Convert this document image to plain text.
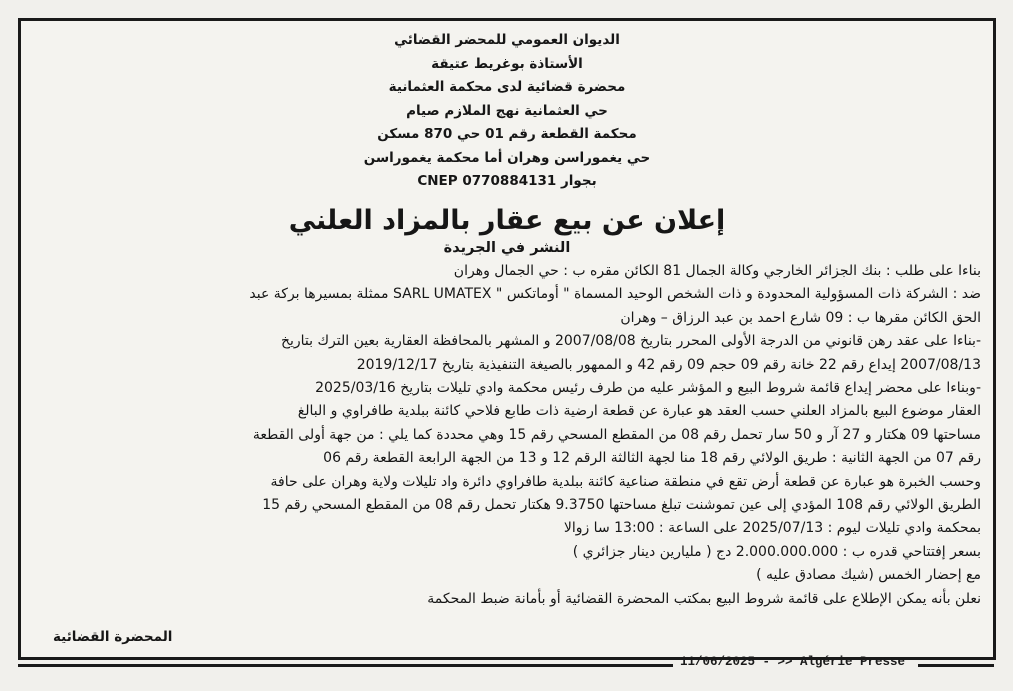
الديوان العمومي للمحضر القضائي
الأستاذة بوغريط عتيقة
محضرة قضائية لدى محكمة العثمانية
حي العثمانية نهج الملازم صيام
محكمة القطعة رقم 01 حي 870 مسكن
حي يغموراسن وهران أما محكمة يغموراسن
بجوار CNEP 0770884131
إعلان عن بيع عقار بالمزاد العلني
النشر في الجريدة
بناءا على طلب : بنك الجزائر الخارجي وكالة الجمال 81 الكائن مقره ب : حي الجمال وهران
ضد : الشركة ذات المسؤولية المحدودة و ذات الشخص الوحيد المسماة " أوماتكس " SARL UMATEX ممثلة بمسيرها بركة عبد
الحق الكائن مقرها ب : 09 شارع احمد بن عبد الرزاق – وهران
-بناءا على عقد رهن قانوني من الدرجة الأولى المحرر بتاريخ 2007/08/08 و المشهر بالمحافظة العقارية بعين الترك بتاريخ
2007/08/13 إيداع رقم 22 خانة رقم 09 حجم 09 رقم 42 و الممهور بالصيغة التنفيذية بتاريخ 2019/12/17
-وبناءا على محضر إيداع قائمة شروط البيع و المؤشر عليه من طرف رئيس محكمة وادي تليلات بتاريخ 2025/03/16
العقار موضوع البيع بالمزاد العلني حسب العقد هو عبارة عن قطعة ارضية ذات طابع فلاحي كائنة ببلدية طافراوي و البالغ
مساحتها 09 هكتار و 27 آر و 50 سار تحمل رقم 08 من المقطع المسحي رقم 15 وهي محددة كما يلي : من جهة أولى القطعة
رقم 07 من الجهة الثانية : طريق الولائي رقم 18 منا لجهة الثالثة الرقم 12 و 13 من الجهة الرابعة القطعة رقم 06
وحسب الخبرة هو عبارة عن قطعة أرض تقع في منطقة صناعية كائنة ببلدية طافراوي دائرة واد تليلات ولاية وهران على حافة
الطريق الولائي رقم 108 المؤدي إلى عين تموشنت تبلغ مساحتها 9.3750 هكتار تحمل رقم 08 من المقطع المسحي رقم 15
بمحكمة وادي تليلات ليوم : 2025/07/13 على الساعة : 13:00 سا زوالا
بسعر إفتتاحي قدره ب : 2.000.000.000 دج ( مليارين دينار جزائري )
مع إحضار الخمس (شيك مصادق عليه )
نعلن بأنه يمكن الإطلاع على قائمة شروط البيع بمكتب المحضرة القضائية أو بأمانة ضبط المحكمة
المحضرة القضائية
11/06/2025 - >> Algérie Presse
